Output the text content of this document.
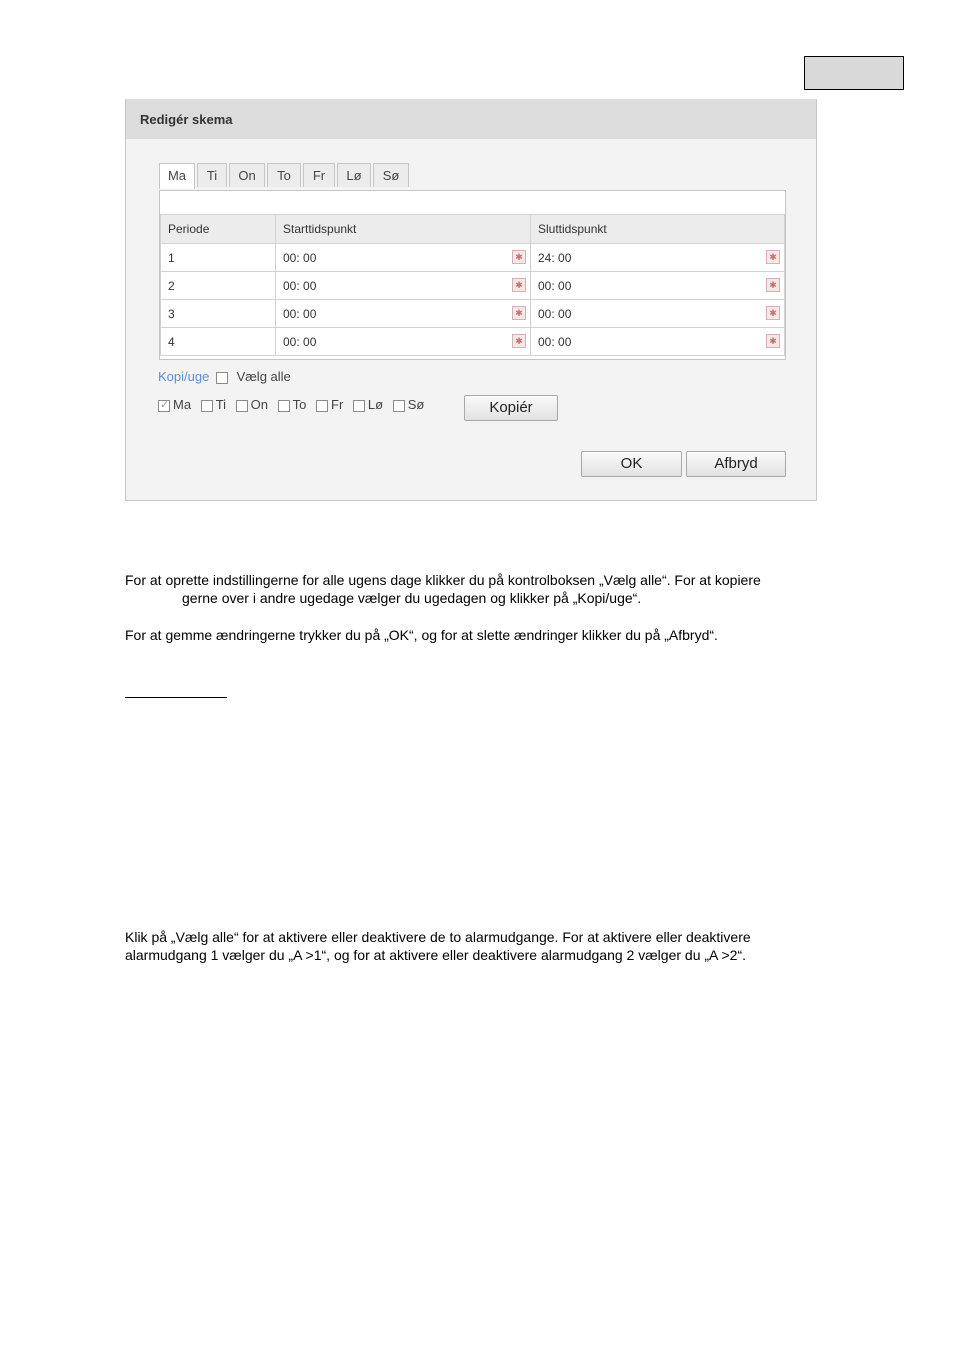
Redigér skema
Ma	Ti	On	To	Fr	Lø	Sø
Periode	Starttidspunkt	Sluttidspunkt
1	00: 00 ✱	24: 00 ✱

2	00: 00 ✱	00: 00 ✱

3	00: 00 ✱	00: 00 ✱

4	00: 00 ✱	00: 00 ✱
Kopi/uge Vælg alle
✓Ma Ti On To Fr Lø Sø	Kopiér
OK	Afbryd
For at oprette indstillingerne for alle ugens dage klikker du på kontrolboksen „Vælg alle“. For at kopiere
gerne over i andre ugedage vælger du ugedagen og klikker på „Kopi/uge“.
For at gemme ændringerne trykker du på „OK“, og for at slette ændringer klikker du på „Afbryd“.
Klik på „Vælg alle“ for at aktivere eller deaktivere de to alarmudgange. For at aktivere eller deaktivere
alarmudgang 1 vælger du „A >1“, og for at aktivere eller deaktivere alarmudgang 2 vælger du „A >2“.
